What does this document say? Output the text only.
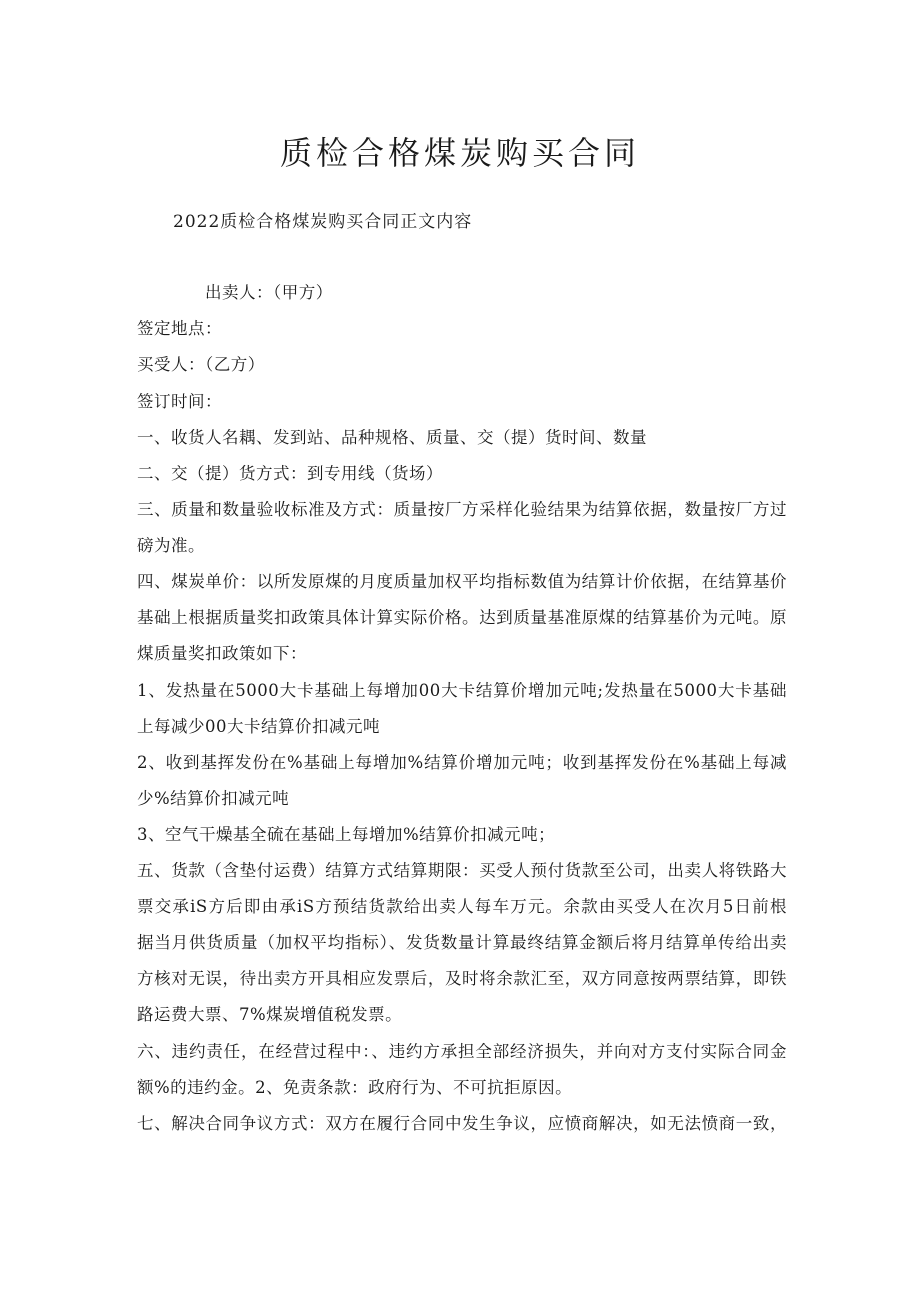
质检合格煤炭购买合同

2022质检合格煤炭购买合同正文内容

出卖人：（甲方）
签定地点：
买受人：（乙方）
签订时间：
一、收货人名耦、发到站、品种规格、质量、交（提）货时间、数量
二、交（提）货方式：到专用线（货场）
三、质量和数量验收标准及方式：质量按厂方采样化验结果为结算依据，数量按厂方过
磅为准。
四、煤炭单价：以所发原煤的月度质量加权平均指标数值为结算计价依据，在结算基价
基础上根据质量奖扣政策具体计算实际价格。达到质量基准原煤的结算基价为元吨。原
煤质量奖扣政策如下：
1、发热量在5000大卡基础上每增加00大卡结算价增加元吨;发热量在5000大卡基础
上每减少00大卡结算价扣减元吨
2、收到基挥发份在%基础上每增加%结算价增加元吨；收到基挥发份在%基础上每减
少%结算价扣减元吨
3、空气干燥基全硫在基础上每增加%结算价扣减元吨；
五、货款（含垫付运费）结算方式结算期限：买受人预付货款至公司，出卖人将铁路大
票交承iS方后即由承iS方预结货款给出卖人每车万元。余款由买受人在次月5日前根
据当月供货质量（加权平均指标）、发货数量计算最终结算金额后将月结算单传给出卖
方核对无误，待出卖方开具相应发票后，及时将余款汇至，双方同意按两票结算，即铁
路运费大票、7%煤炭增值税发票。
六、违约责任，在经营过程中：、违约方承担全部经济损失，并向对方支付实际合同金
额%的违约金。2、免责条款：政府行为、不可抗拒原因。
七、解决合同争议方式：双方在履行合同中发生争议，应愤商解决，如无法愤商一致，
